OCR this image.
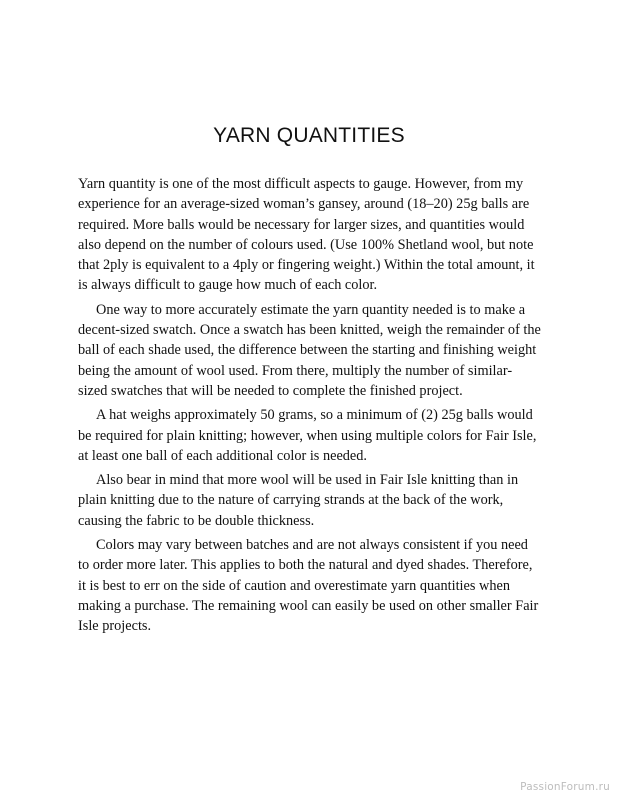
YARN QUANTITIES

Yarn quantity is one of the most difficult aspects to gauge. However, from my experience for an average-sized woman’s gansey, around (18–20) 25g balls are required. More balls would be necessary for larger sizes, and quantities would also depend on the number of colours used. (Use 100% Shetland wool, but note that 2ply is equivalent to a 4ply or fingering weight.) Within the total amount, it is always difficult to gauge how much of each color.

One way to more accurately estimate the yarn quantity needed is to make a decent-sized swatch. Once a swatch has been knitted, weigh the remainder of the ball of each shade used, the difference between the starting and finishing weight being the amount of wool used. From there, multiply the number of similar-sized swatches that will be needed to complete the finished project.

A hat weighs approximately 50 grams, so a minimum of (2) 25g balls would be required for plain knitting; however, when using multiple colors for Fair Isle, at least one ball of each additional color is needed.

Also bear in mind that more wool will be used in Fair Isle knitting than in plain knitting due to the nature of carrying strands at the back of the work, causing the fabric to be double thickness.

Colors may vary between batches and are not always consistent if you need to order more later. This applies to both the natural and dyed shades. Therefore, it is best to err on the side of caution and overestimate yarn quantities when making a purchase. The remaining wool can easily be used on other smaller Fair Isle projects.

PassionForum.ru
